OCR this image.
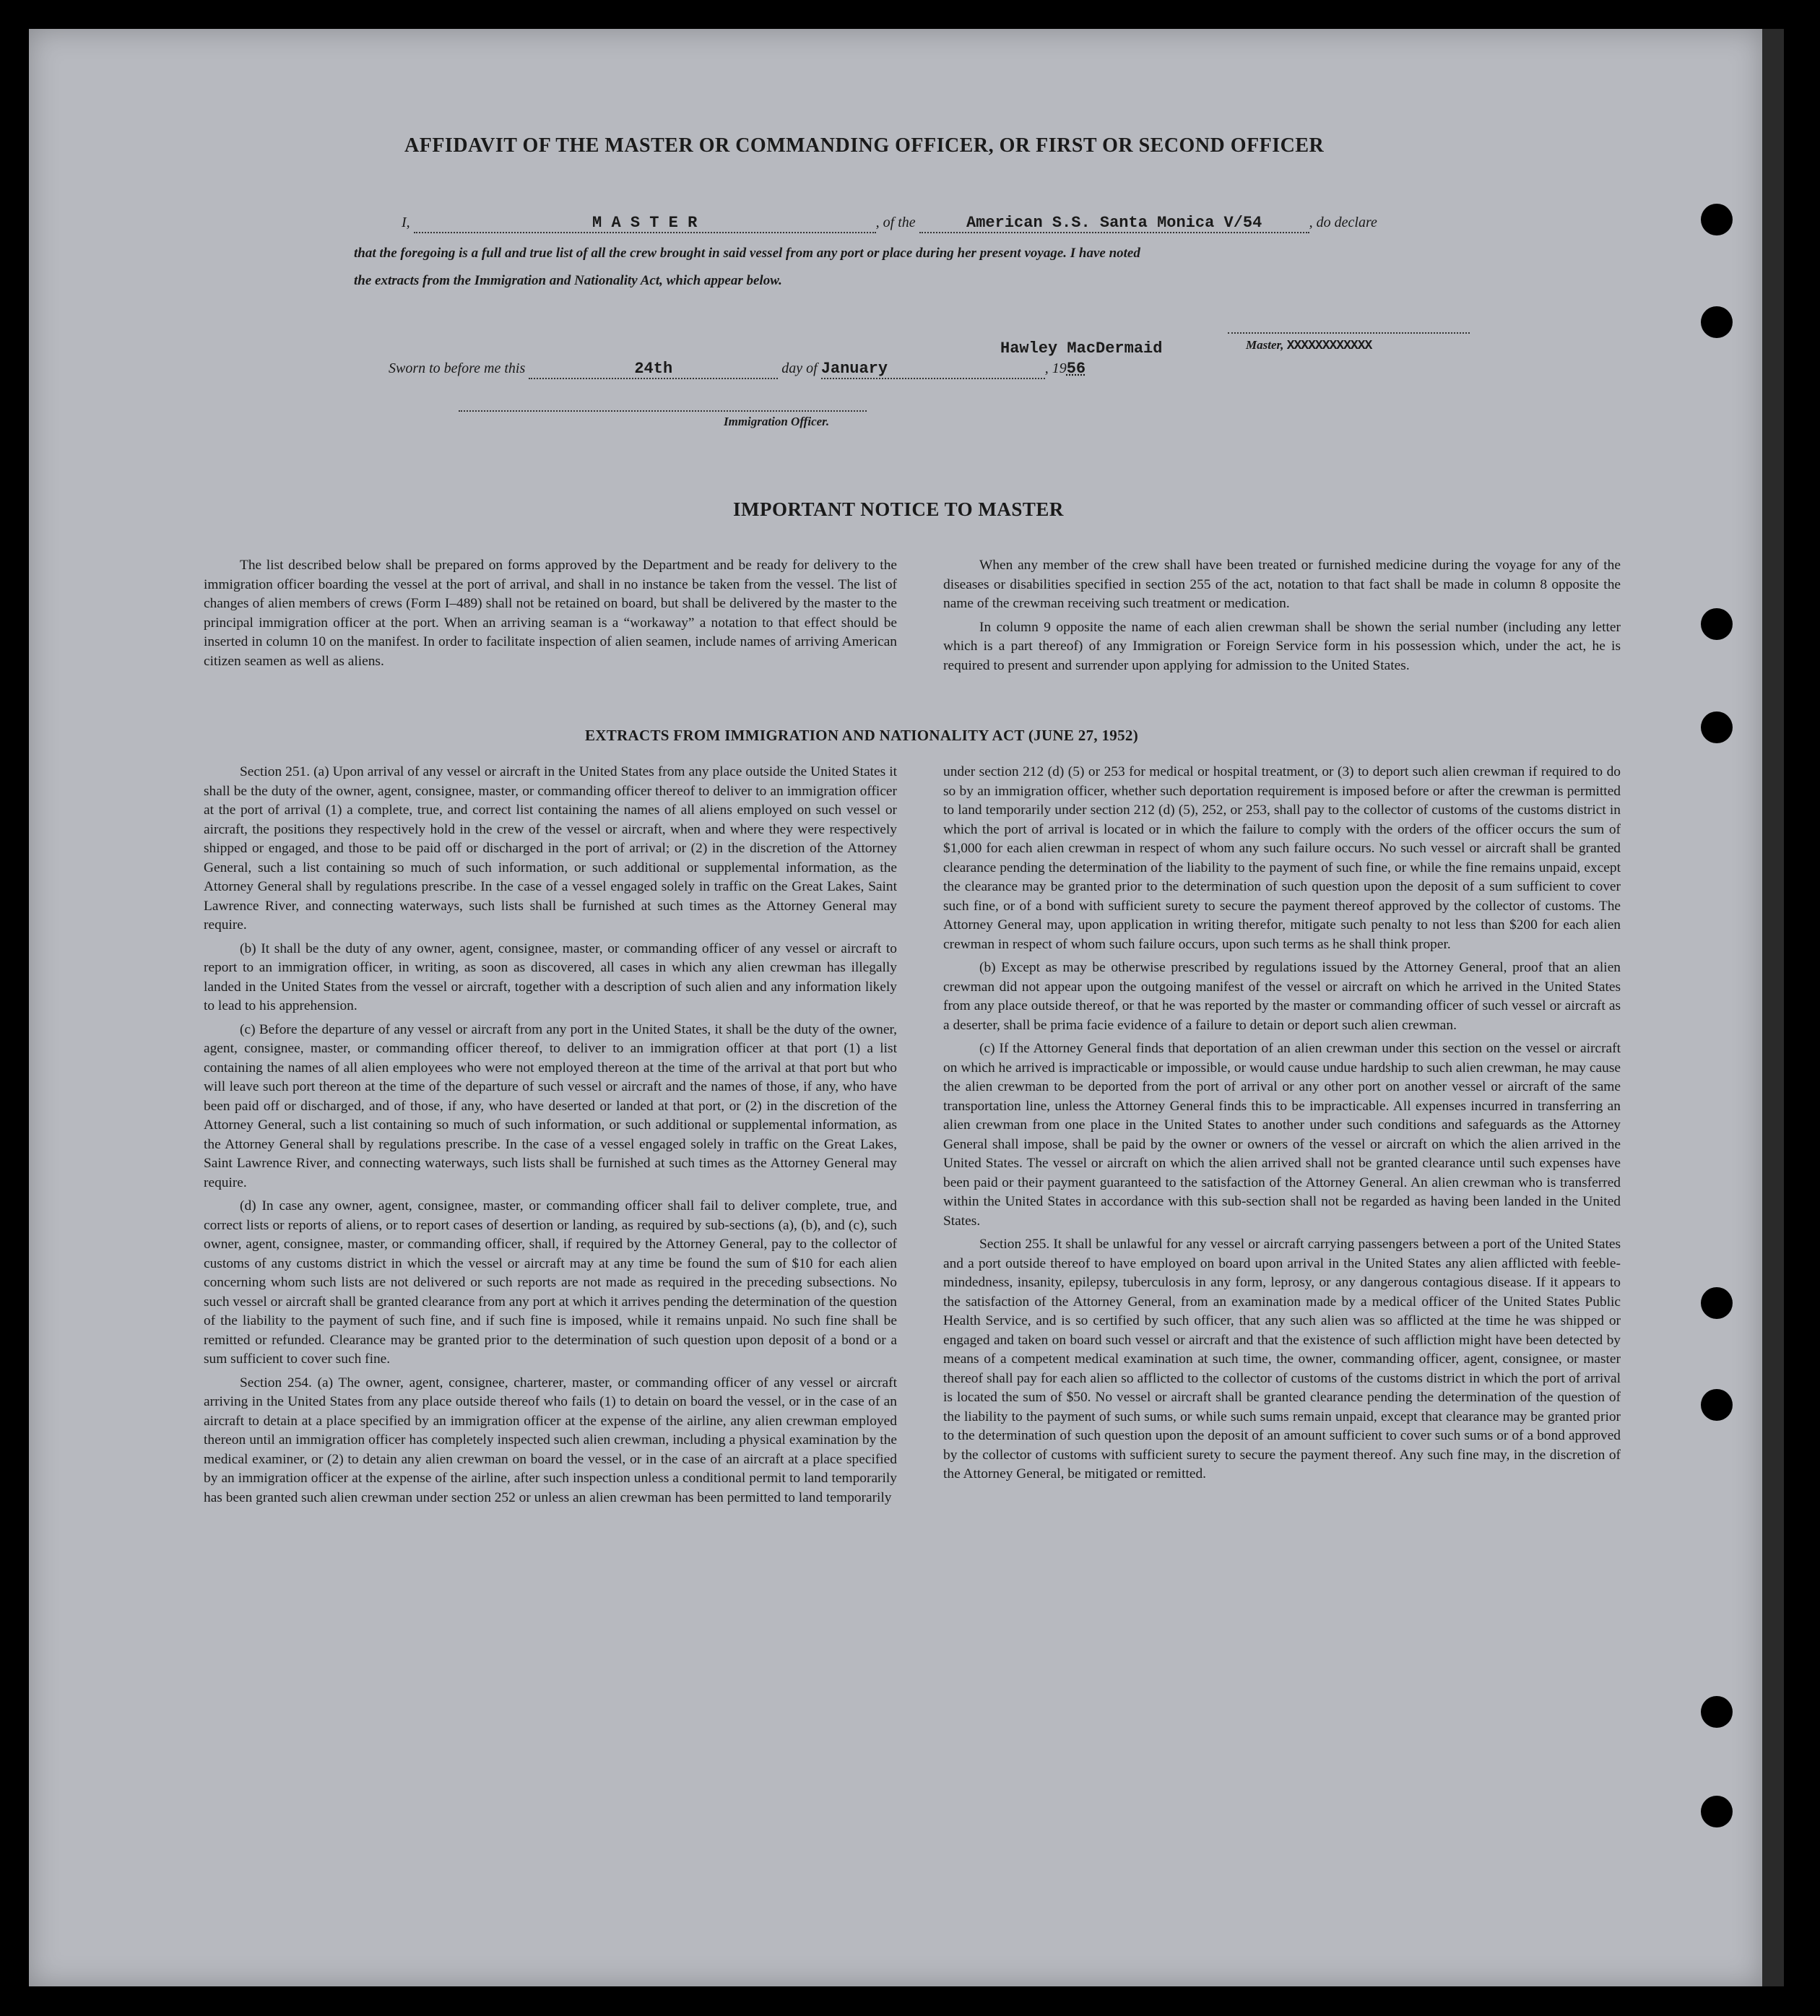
AFFIDAVIT OF THE MASTER OR COMMANDING OFFICER, OR FIRST OR SECOND OFFICER
I,	M A S T E R	, of the	American S.S. Santa Monica V/54	, do declare
that the foregoing is a full and true list of all the crew brought in said vessel from any port or place during her present voyage. I have noted
the extracts from the Immigration and Nationality Act, which appear below.
Master, XXXXXXXXXXXX
Hawley MacDermaid
Sworn to before me this	24th	day of January	, 1956
Immigration Officer.
IMPORTANT NOTICE TO MASTER

The list described below shall be prepared on forms approved by the Department and be ready for delivery to the immigration officer boarding the vessel at the port of arrival, and shall in no instance be taken from the vessel. The list of changes of alien members of crews (Form I–489) shall not be retained on board, but shall be delivered by the master to the principal immigration officer at the port. When an arriving seaman is a “workaway” a notation to that effect should be inserted in column 10 on the manifest. In order to facilitate inspection of alien seamen, include names of arriving American citizen seamen as well as aliens.

When any member of the crew shall have been treated or furnished medicine during the voyage for any of the diseases or disabilities specified in section 255 of the act, notation to that fact shall be made in column 8 opposite the name of the crewman receiving such treatment or medication.

In column 9 opposite the name of each alien crewman shall be shown the serial number (including any letter which is a part thereof) of any Immigration or Foreign Service form in his possession which, under the act, he is required to present and surrender upon applying for admission to the United States.

EXTRACTS FROM IMMIGRATION AND NATIONALITY ACT (JUNE 27, 1952)

Section 251. (a) Upon arrival of any vessel or aircraft in the United States from any place outside the United States it shall be the duty of the owner, agent, consignee, master, or commanding officer thereof to deliver to an immigration officer at the port of arrival (1) a complete, true, and correct list containing the names of all aliens employed on such vessel or aircraft, the positions they respectively hold in the crew of the vessel or aircraft, when and where they were respectively shipped or engaged, and those to be paid off or discharged in the port of arrival; or (2) in the discretion of the Attorney General, such a list containing so much of such information, or such additional or supplemental information, as the Attorney General shall by regulations prescribe. In the case of a vessel engaged solely in traffic on the Great Lakes, Saint Lawrence River, and connecting waterways, such lists shall be furnished at such times as the Attorney General may require.

(b) It shall be the duty of any owner, agent, consignee, master, or commanding officer of any vessel or aircraft to report to an immigration officer, in writing, as soon as discovered, all cases in which any alien crewman has illegally landed in the United States from the vessel or aircraft, together with a description of such alien and any information likely to lead to his apprehension.

(c) Before the departure of any vessel or aircraft from any port in the United States, it shall be the duty of the owner, agent, consignee, master, or commanding officer thereof, to deliver to an immigration officer at that port (1) a list containing the names of all alien employees who were not employed thereon at the time of the arrival at that port but who will leave such port thereon at the time of the departure of such vessel or aircraft and the names of those, if any, who have been paid off or discharged, and of those, if any, who have deserted or landed at that port, or (2) in the discretion of the Attorney General, such a list containing so much of such information, or such additional or supplemental information, as the Attorney General shall by regulations prescribe. In the case of a vessel engaged solely in traffic on the Great Lakes, Saint Lawrence River, and connecting waterways, such lists shall be furnished at such times as the Attorney General may require.

(d) In case any owner, agent, consignee, master, or commanding officer shall fail to deliver complete, true, and correct lists or reports of aliens, or to report cases of desertion or landing, as required by sub-sections (a), (b), and (c), such owner, agent, consignee, master, or commanding officer, shall, if required by the Attorney General, pay to the collector of customs of any customs district in which the vessel or aircraft may at any time be found the sum of $10 for each alien concerning whom such lists are not delivered or such reports are not made as required in the preceding subsections. No such vessel or aircraft shall be granted clearance from any port at which it arrives pending the determination of the question of the liability to the payment of such fine, and if such fine is imposed, while it remains unpaid. No such fine shall be remitted or refunded. Clearance may be granted prior to the determination of such question upon deposit of a bond or a sum sufficient to cover such fine.

Section 254. (a) The owner, agent, consignee, charterer, master, or commanding officer of any vessel or aircraft arriving in the United States from any place outside thereof who fails (1) to detain on board the vessel, or in the case of an aircraft to detain at a place specified by an immigration officer at the expense of the airline, any alien crewman employed thereon until an immigration officer has completely inspected such alien crewman, including a physical examination by the medical examiner, or (2) to detain any alien crewman on board the vessel, or in the case of an aircraft at a place specified by an immigration officer at the expense of the airline, after such inspection unless a conditional permit to land temporarily has been granted such alien crewman under section 252 or unless an alien crewman has been permitted to land temporarily

under section 212 (d) (5) or 253 for medical or hospital treatment, or (3) to deport such alien crewman if required to do so by an immigration officer, whether such deportation requirement is imposed before or after the crewman is permitted to land temporarily under section 212 (d) (5), 252, or 253, shall pay to the collector of customs of the customs district in which the port of arrival is located or in which the failure to comply with the orders of the officer occurs the sum of $1,000 for each alien crewman in respect of whom any such failure occurs. No such vessel or aircraft shall be granted clearance pending the determination of the liability to the payment of such fine, or while the fine remains unpaid, except the clearance may be granted prior to the determination of such question upon the deposit of a sum sufficient to cover such fine, or of a bond with sufficient surety to secure the payment thereof approved by the collector of customs. The Attorney General may, upon application in writing therefor, mitigate such penalty to not less than $200 for each alien crewman in respect of whom such failure occurs, upon such terms as he shall think proper.

(b) Except as may be otherwise prescribed by regulations issued by the Attorney General, proof that an alien crewman did not appear upon the outgoing manifest of the vessel or aircraft on which he arrived in the United States from any place outside thereof, or that he was reported by the master or commanding officer of such vessel or aircraft as a deserter, shall be prima facie evidence of a failure to detain or deport such alien crewman.

(c) If the Attorney General finds that deportation of an alien crewman under this section on the vessel or aircraft on which he arrived is impracticable or impossible, or would cause undue hardship to such alien crewman, he may cause the alien crewman to be deported from the port of arrival or any other port on another vessel or aircraft of the same transportation line, unless the Attorney General finds this to be impracticable. All expenses incurred in transferring an alien crewman from one place in the United States to another under such conditions and safeguards as the Attorney General shall impose, shall be paid by the owner or owners of the vessel or aircraft on which the alien arrived in the United States. The vessel or aircraft on which the alien arrived shall not be granted clearance until such expenses have been paid or their payment guaranteed to the satisfaction of the Attorney General. An alien crewman who is transferred within the United States in accordance with this sub-section shall not be regarded as having been landed in the United States.

Section 255. It shall be unlawful for any vessel or aircraft carrying passengers between a port of the United States and a port outside thereof to have employed on board upon arrival in the United States any alien afflicted with feeble-mindedness, insanity, epilepsy, tuberculosis in any form, leprosy, or any dangerous contagious disease. If it appears to the satisfaction of the Attorney General, from an examination made by a medical officer of the United States Public Health Service, and is so certified by such officer, that any such alien was so afflicted at the time he was shipped or engaged and taken on board such vessel or aircraft and that the existence of such affliction might have been detected by means of a competent medical examination at such time, the owner, commanding officer, agent, consignee, or master thereof shall pay for each alien so afflicted to the collector of customs of the customs district in which the port of arrival is located the sum of $50. No vessel or aircraft shall be granted clearance pending the determination of the question of the liability to the payment of such sums, or while such sums remain unpaid, except that clearance may be granted prior to the determination of such question upon the deposit of an amount sufficient to cover such sums or of a bond approved by the collector of customs with sufficient surety to secure the payment thereof. Any such fine may, in the discretion of the Attorney General, be mitigated or remitted.
